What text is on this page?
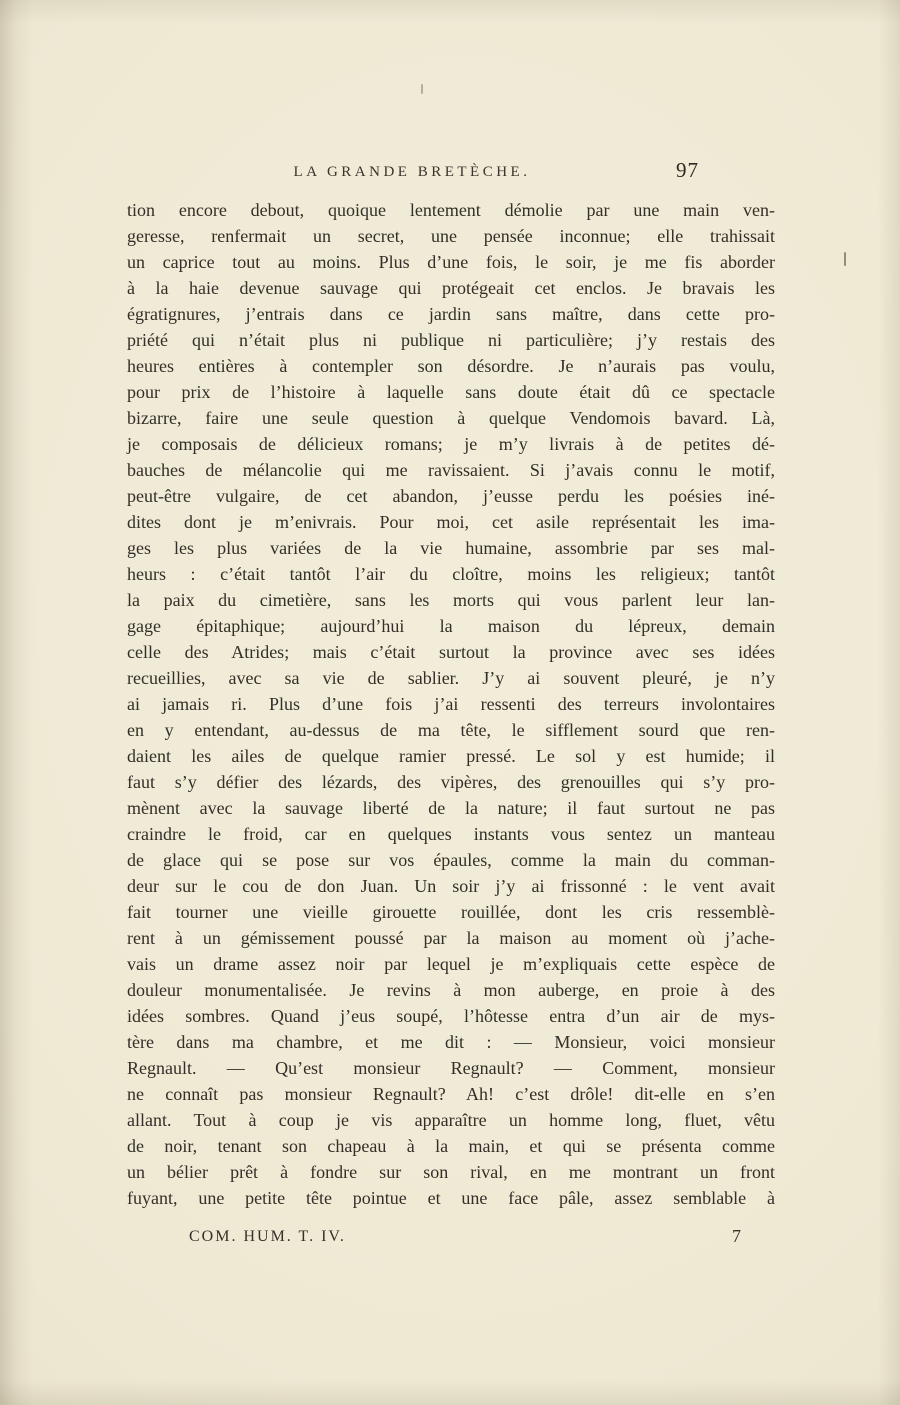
LA GRANDE BRETÈCHE.	97
tion encore debout, quoique lentement démolie par une main ven-
geresse, renfermait un secret, une pensée inconnue; elle trahissait
un caprice tout au moins. Plus d’une fois, le soir, je me fis aborder
à la haie devenue sauvage qui protégeait cet enclos. Je bravais les
égratignures, j’entrais dans ce jardin sans maître, dans cette pro-
priété qui n’était plus ni publique ni particulière; j’y restais des
heures entières à contempler son désordre. Je n’aurais pas voulu,
pour prix de l’histoire à laquelle sans doute était dû ce spectacle
bizarre, faire une seule question à quelque Vendomois bavard. Là,
je composais de délicieux romans; je m’y livrais à de petites dé-
bauches de mélancolie qui me ravissaient. Si j’avais connu le motif,
peut-être vulgaire, de cet abandon, j’eusse perdu les poésies iné-
dites dont je m’enivrais. Pour moi, cet asile représentait les ima-
ges les plus variées de la vie humaine, assombrie par ses mal-
heurs : c’était tantôt l’air du cloître, moins les religieux; tantôt
la paix du cimetière, sans les morts qui vous parlent leur lan-
gage épitaphique; aujourd’hui la maison du lépreux, demain
celle des Atrides; mais c’était surtout la province avec ses idées
recueillies, avec sa vie de sablier. J’y ai souvent pleuré, je n’y
ai jamais ri. Plus d’une fois j’ai ressenti des terreurs involontaires
en y entendant, au-dessus de ma tête, le sifflement sourd que ren-
daient les ailes de quelque ramier pressé. Le sol y est humide; il
faut s’y défier des lézards, des vipères, des grenouilles qui s’y pro-
mènent avec la sauvage liberté de la nature; il faut surtout ne pas
craindre le froid, car en quelques instants vous sentez un manteau
de glace qui se pose sur vos épaules, comme la main du comman-
deur sur le cou de don Juan. Un soir j’y ai frissonné : le vent avait
fait tourner une vieille girouette rouillée, dont les cris ressemblè-
rent à un gémissement poussé par la maison au moment où j’ache-
vais un drame assez noir par lequel je m’expliquais cette espèce de
douleur monumentalisée. Je revins à mon auberge, en proie à des
idées sombres. Quand j’eus soupé, l’hôtesse entra d’un air de mys-
tère dans ma chambre, et me dit : — Monsieur, voici monsieur
Regnault. — Qu’est monsieur Regnault? — Comment, monsieur
ne connaît pas monsieur Regnault? Ah! c’est drôle! dit-elle en s’en
allant. Tout à coup je vis apparaître un homme long, fluet, vêtu
de noir, tenant son chapeau à la main, et qui se présenta comme
un bélier prêt à fondre sur son rival, en me montrant un front
fuyant, une petite tête pointue et une face pâle, assez semblable à
COM. HUM. T. IV.	7
